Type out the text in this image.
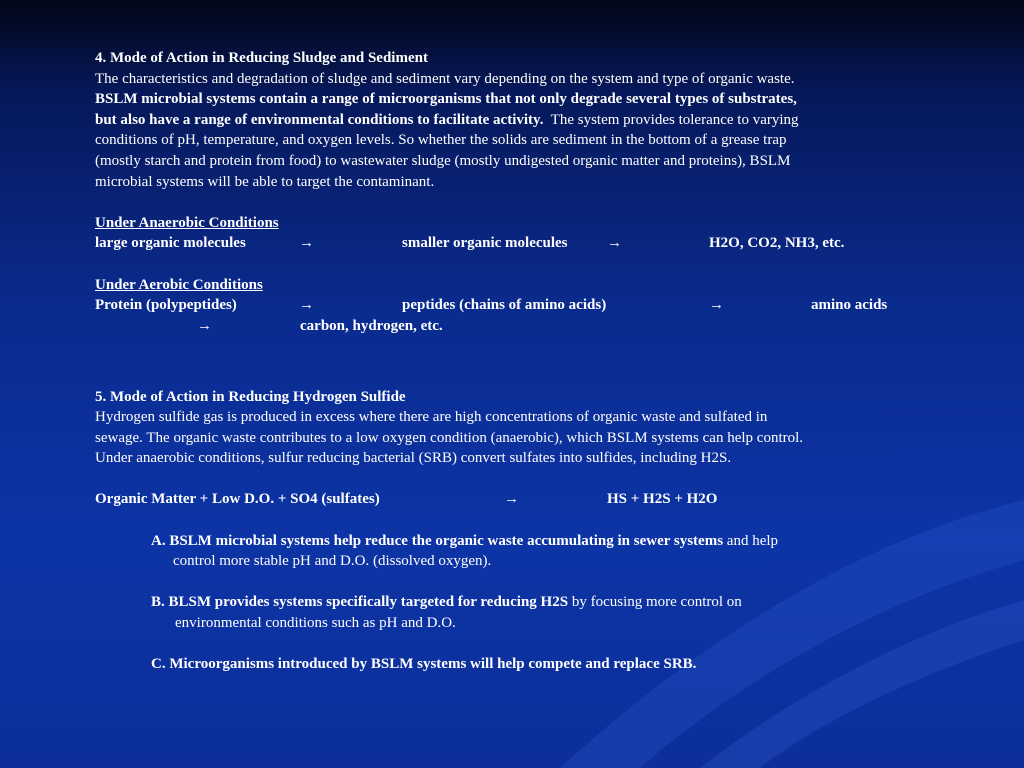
4. Mode of Action in Reducing Sludge and Sediment
The characteristics and degradation of sludge and sediment vary depending on the system and type of organic waste.
BSLM microbial systems contain a range of microorganisms that not only degrade several types of substrates,
but also have a range of environmental conditions to facilitate activity.  The system provides tolerance to varying
conditions of pH, temperature, and oxygen levels. So whether the solids are sediment in the bottom of a grease trap
(mostly starch and protein from food) to wastewater sludge (mostly undigested organic matter and proteins), BSLM
microbial systems will be able to target the contaminant.
Under Anaerobic Conditions
large organic molecules	→	smaller organic molecules	→	H2O, CO2, NH3, etc.
Under Aerobic Conditions
Protein (polypeptides)	→	peptides (chains of amino acids)	→	amino acids
→	carbon, hydrogen, etc.
5. Mode of Action in Reducing Hydrogen Sulfide
Hydrogen sulfide gas is produced in excess where there are high concentrations of organic waste and sulfated in
sewage. The organic waste contributes to a low oxygen condition (anaerobic), which BSLM systems can help control.
Under anaerobic conditions, sulfur reducing bacterial (SRB) convert sulfates into sulfides, including H2S.
Organic Matter + Low D.O. + SO4 (sulfates)	→	HS + H2S + H2O
A. BSLM microbial systems help reduce the organic waste accumulating in sewer systems and help
control more stable pH and D.O. (dissolved oxygen).
B. BLSM provides systems specifically targeted for reducing H2S by focusing more control on
environmental conditions such as pH and D.O.
C. Microorganisms introduced by BSLM systems will help compete and replace SRB.
